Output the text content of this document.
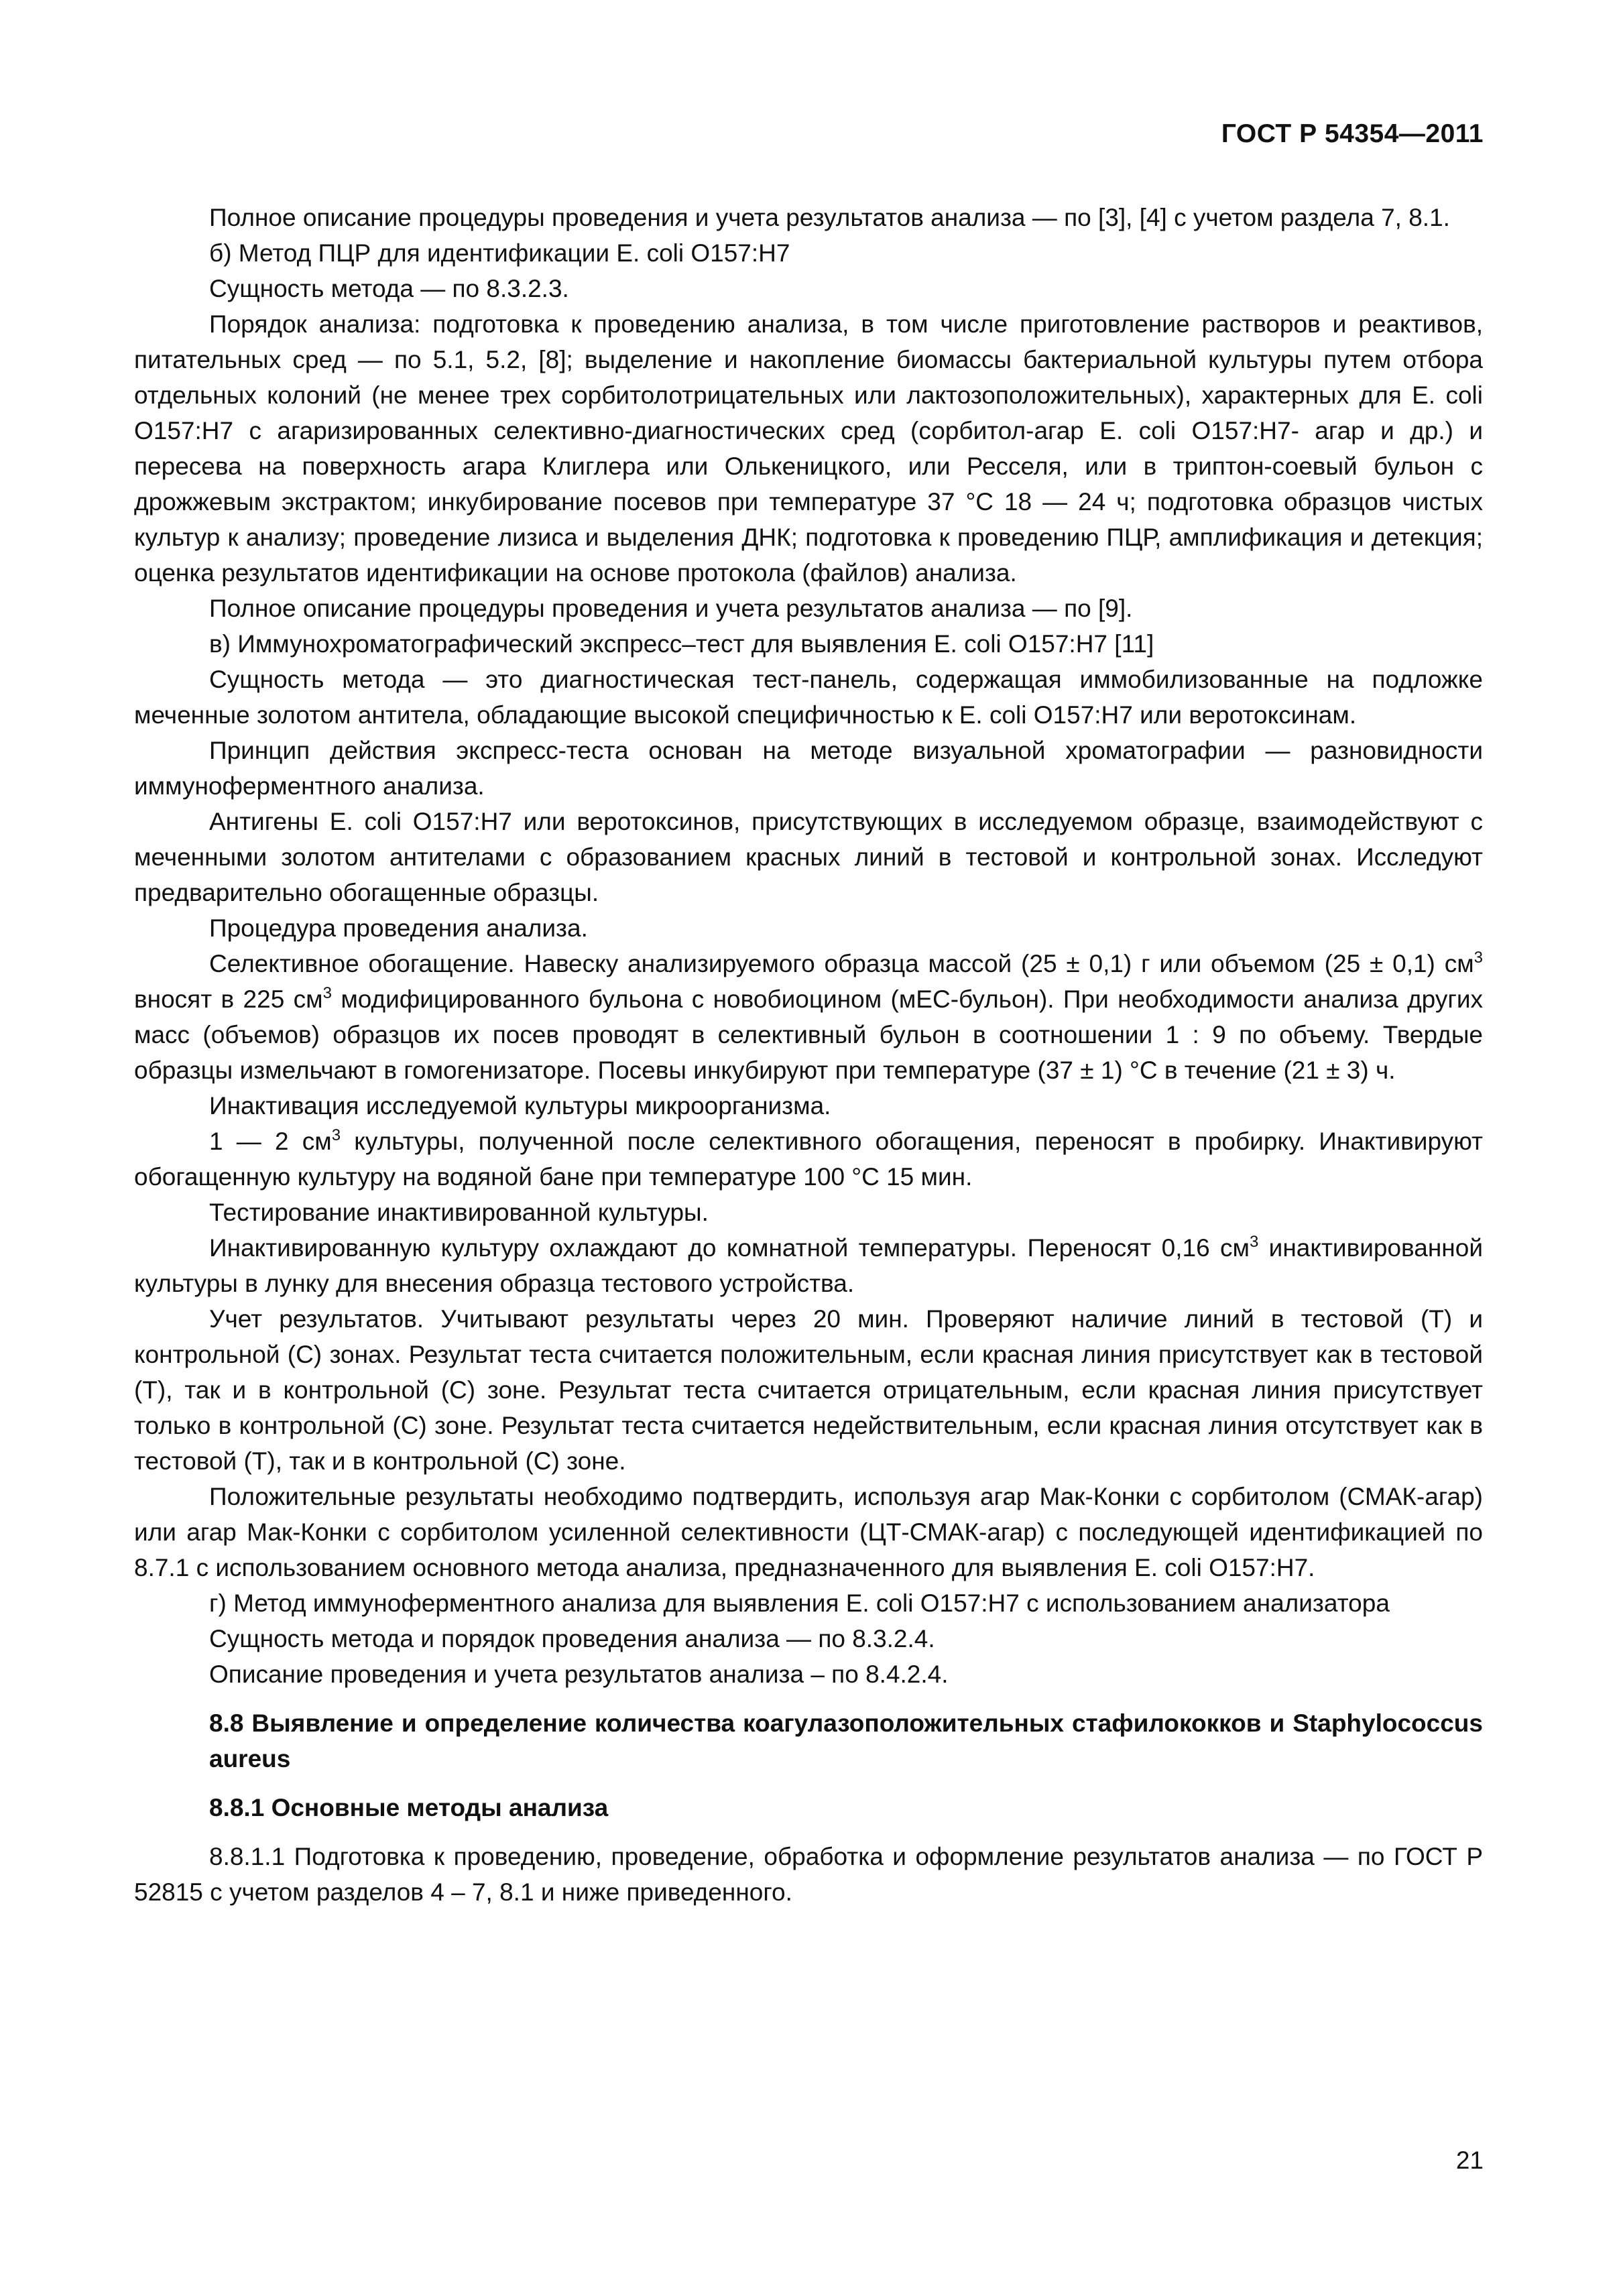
ГОСТ Р 54354—2011

Полное описание процедуры проведения и учета результатов анализа — по [3], [4] с учетом раздела 7, 8.1.

б) Метод ПЦР для идентификации E. coli O157:H7

Сущность метода — по 8.3.2.3.

Порядок анализа: подготовка к проведению анализа, в том числе приготовление растворов и реактивов, питательных сред — по 5.1, 5.2, [8]; выделение и накопление биомассы бактериальной культуры путем отбора отдельных колоний (не менее трех сорбитолотрицательных или лактозоположительных), характерных для E. coli O157:H7 с агаризированных селективно-диагностических сред (сорбитол-агар E. coli O157:H7- агар и др.) и пересева на поверхность агара Клиглера или Олькеницкого, или Ресселя, или в триптон-соевый бульон с дрожжевым экстрактом; инкубирование посевов при температуре 37 °С 18 — 24 ч; подготовка образцов чистых культур к анализу; проведение лизиса и выделения ДНК; подготовка к проведению ПЦР, амплификация и детекция; оценка результатов идентификации на основе протокола (файлов) анализа.

Полное описание процедуры проведения и учета результатов анализа — по [9].

в) Иммунохроматографический экспресс–тест для выявления E. coli O157:H7 [11]

Сущность метода — это диагностическая тест-панель, содержащая иммобилизованные на подложке меченные золотом антитела, обладающие высокой специфичностью к E. coli O157:H7 или веротоксинам.

Принцип действия экспресс-теста основан на методе визуальной хроматографии — разновидности иммуноферментного анализа.

Антигены E. coli O157:H7 или веротоксинов, присутствующих в исследуемом образце, взаимодействуют с меченными золотом антителами с образованием красных линий в тестовой и контрольной зонах. Исследуют предварительно обогащенные образцы.

Процедура проведения анализа.

Селективное обогащение. Навеску анализируемого образца массой (25 ± 0,1) г или объемом (25 ± 0,1) $см^3$ вносят в 225 $см^3$ модифицированного бульона с новобиоцином (мЕС-бульон). При необходимости анализа других масс (объемов) образцов их посев проводят в селективный бульон в соотношении 1 : 9 по объему. Твердые образцы измельчают в гомогенизаторе. Посевы инкубируют при температуре (37 ± 1) °С в течение (21 ± 3) ч.

Инактивация исследуемой культуры микроорганизма.

1 — 2 $см^3$ культуры, полученной после селективного обогащения, переносят в пробирку. Инактивируют обогащенную культуру на водяной бане при температуре 100 °С 15 мин.

Тестирование инактивированной культуры.

Инактивированную культуру охлаждают до комнатной температуры. Переносят 0,16 $см^3$ инактивированной культуры в лунку для внесения образца тестового устройства.

Учет результатов. Учитывают результаты через 20 мин. Проверяют наличие линий в тестовой (Т) и контрольной (С) зонах. Результат теста считается положительным, если красная линия присутствует как в тестовой (Т), так и в контрольной (С) зоне. Результат теста считается отрицательным, если красная линия присутствует только в контрольной (С) зоне. Результат теста считается недействительным, если красная линия отсутствует как в тестовой (Т), так и в контрольной (С) зоне.

Положительные результаты необходимо подтвердить, используя агар Мак-Конки с сорбитолом (СМАК-агар) или агар Мак-Конки с сорбитолом усиленной селективности (ЦТ-СМАК-агар) с последующей идентификацией по 8.7.1 с использованием основного метода анализа, предназначенного для выявления E. coli O157:H7.

г) Метод иммуноферментного анализа для выявления E. coli O157:H7 с использованием анализатора

Сущность метода и порядок проведения анализа — по 8.3.2.4.

Описание проведения и учета результатов анализа – по 8.4.2.4.

8.8 Выявление и определение количества коагулазоположительных стафилококков и Staphylococcus aureus

8.8.1 Основные методы анализа

8.8.1.1 Подготовка к проведению, проведение, обработка и оформление результатов анализа — по ГОСТ Р 52815 с учетом разделов 4 – 7, 8.1 и ниже приведенного.

21
